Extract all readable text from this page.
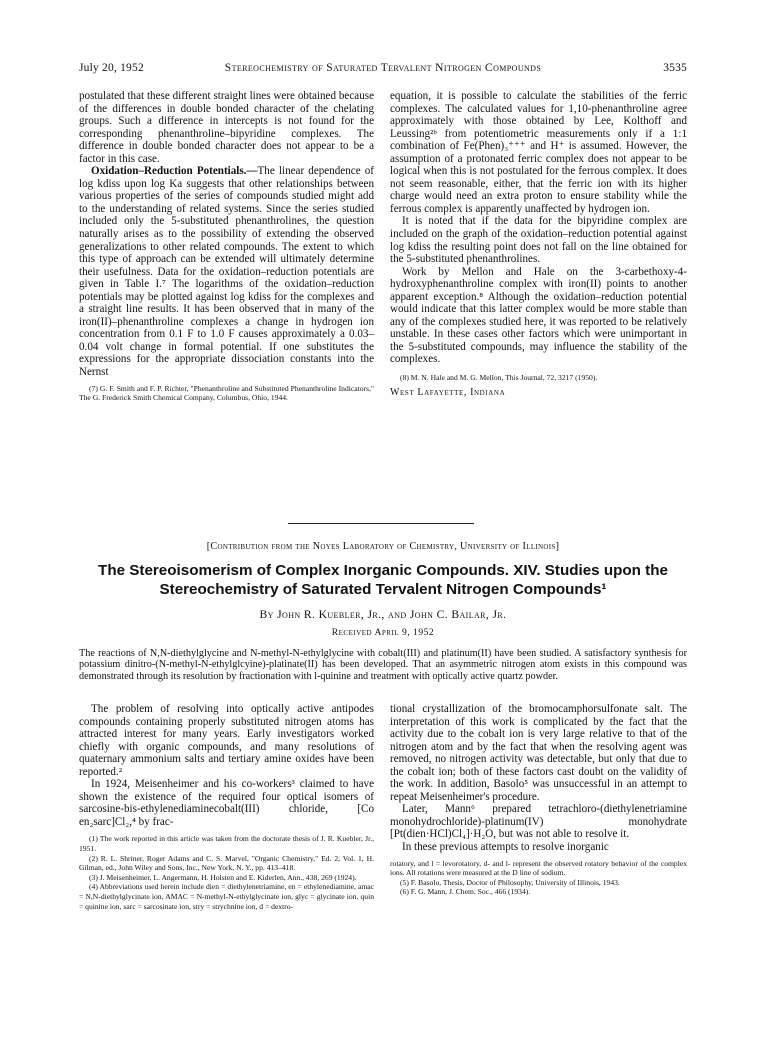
July 20, 1952	Stereochemistry of Saturated Tervalent Nitrogen Compounds	3535

postulated that these different straight lines were obtained because of the differences in double bonded character of the chelating groups. Such a difference in intercepts is not found for the corresponding phenanthroline–bipyridine complexes. The difference in double bonded character does not appear to be a factor in this case.

Oxidation–Reduction Potentials.—The linear dependence of log kdiss upon log Ka suggests that other relationships between various properties of the series of compounds studied might add to the understanding of related systems. Since the series studied included only the 5-substituted phenanthrolines, the question naturally arises as to the possibility of extending the observed generalizations to other related compounds. The extent to which this type of approach can be extended will ultimately determine their usefulness. Data for the oxidation–reduction potentials are given in Table I.⁷ The logarithms of the oxidation–reduction potentials may be plotted against log kdiss for the complexes and a straight line results. It has been observed that in many of the iron(II)–phenanthroline complexes a change in hydrogen ion concentration from 0.1 F to 1.0 F causes approximately a 0.03–0.04 volt change in formal potential. If one substitutes the expressions for the appropriate dissociation constants into the Nernst

(7) G. F. Smith and F. P. Richter, "Phenanthroline and Substituted Phenanthroline Indicators," The G. Frederick Smith Chemical Company, Columbus, Ohio, 1944.

equation, it is possible to calculate the stabilities of the ferric complexes. The calculated values for 1,10-phenanthroline agree approximately with those obtained by Lee, Kolthoff and Leussing²ᵇ from potentiometric measurements only if a 1:1 combination of Fe(Phen)₃⁺⁺⁺ and H⁺ is assumed. However, the assumption of a protonated ferric complex does not appear to be logical when this is not postulated for the ferrous complex. It does not seem reasonable, either, that the ferric ion with its higher charge would need an extra proton to ensure stability while the ferrous complex is apparently unaffected by hydrogen ion.

It is noted that if the data for the bipyridine complex are included on the graph of the oxidation–reduction potential against log kdiss the resulting point does not fall on the line obtained for the 5-substituted phenanthrolines.

Work by Mellon and Hale on the 3-carbethoxy-4-hydroxyphenanthroline complex with iron(II) points to another apparent exception.⁸ Although the oxidation–reduction potential would indicate that this latter complex would be more stable than any of the complexes studied here, it was reported to be relatively unstable. In these cases other factors which were unimportant in the 5-substituted compounds, may influence the stability of the complexes.

(8) M. N. Hale and M. G. Mellon, This Journal, 72, 3217 (1950).
West Lafayette, Indiana
[Contribution from the Noyes Laboratory of Chemistry, University of Illinois]
The Stereoisomerism of Complex Inorganic Compounds. XIV. Studies upon the
Stereochemistry of Saturated Tervalent Nitrogen Compounds¹
By John R. Kuebler, Jr., and John C. Bailar, Jr.
Received April 9, 1952
The reactions of N,N-diethylglycine and N-methyl-N-ethylglycine with cobalt(III) and platinum(II) have been studied. A satisfactory synthesis for potassium dinitro-(N-methyl-N-ethylglcyine)-platinate(II) has been developed. That an asymmetric nitrogen atom exists in this compound was demonstrated through its resolution by fractionation with l-quinine and treatment with optically active quartz powder.

The problem of resolving into optically active antipodes compounds containing properly substituted nitrogen atoms has attracted interest for many years. Early investigators worked chiefly with organic compounds, and many resolutions of quaternary ammonium salts and tertiary amine oxides have been reported.²

In 1924, Meisenheimer and his co-workers³ claimed to have shown the existence of the required four optical isomers of sarcosine-bis-ethylenediaminecobalt(III) chloride, [Co en₂sarc]Cl₂,⁴ by frac-

(1) The work reported in this article was taken from the doctorate thesis of J. R. Kuebler, Jr., 1951.
(2) R. L. Shriner, Roger Adams and C. S. Marvel, "Organic Chemistry," Ed. 2, Vol. 1, H. Gilman, ed., John Wiley and Sons, Inc., New York, N. Y., pp. 413–418.
(3) J. Meisenheimer, L. Angermann, H. Holsten and E. Kiderlen, Ann., 438, 269 (1924).
(4) Abbreviations used herein include dien = diethylenetriamine, en = ethylenediamine, amac = N,N-diethylglycinate ion, AMAC = N-methyl-N-ethylglycinate ion, glyc = glycinate ion, quin = quinine ion, sarc = sarcosinate ion, stry = strychnine ion, d = dextro-

tional crystallization of the bromocamphorsulfonate salt. The interpretation of this work is complicated by the fact that the activity due to the cobalt ion is very large relative to that of the nitrogen atom and by the fact that when the resolving agent was removed, no nitrogen activity was detectable, but only that due to the cobalt ion; both of these factors cast doubt on the validity of the work. In addition, Basolo⁵ was unsuccessful in an attempt to repeat Meisenheimer's procedure.

Later, Mann⁶ prepared tetrachloro-(diethylenetriamine monohydrochloride)-platinum(IV) monohydrate [Pt(dien·HCl)Cl₄]·H₂O, but was not able to resolve it.

In these previous attempts to resolve inorganic

rotatory, and l = levorotatory, d- and l- represent the observed rotatory behavior of the complex ions. All rotations were measured at the D line of sodium.
(5) F. Basolo, Thesis, Doctor of Philosophy, University of Illinois, 1943.
(6) F. G. Mann, J. Chem. Soc., 466 (1934).
